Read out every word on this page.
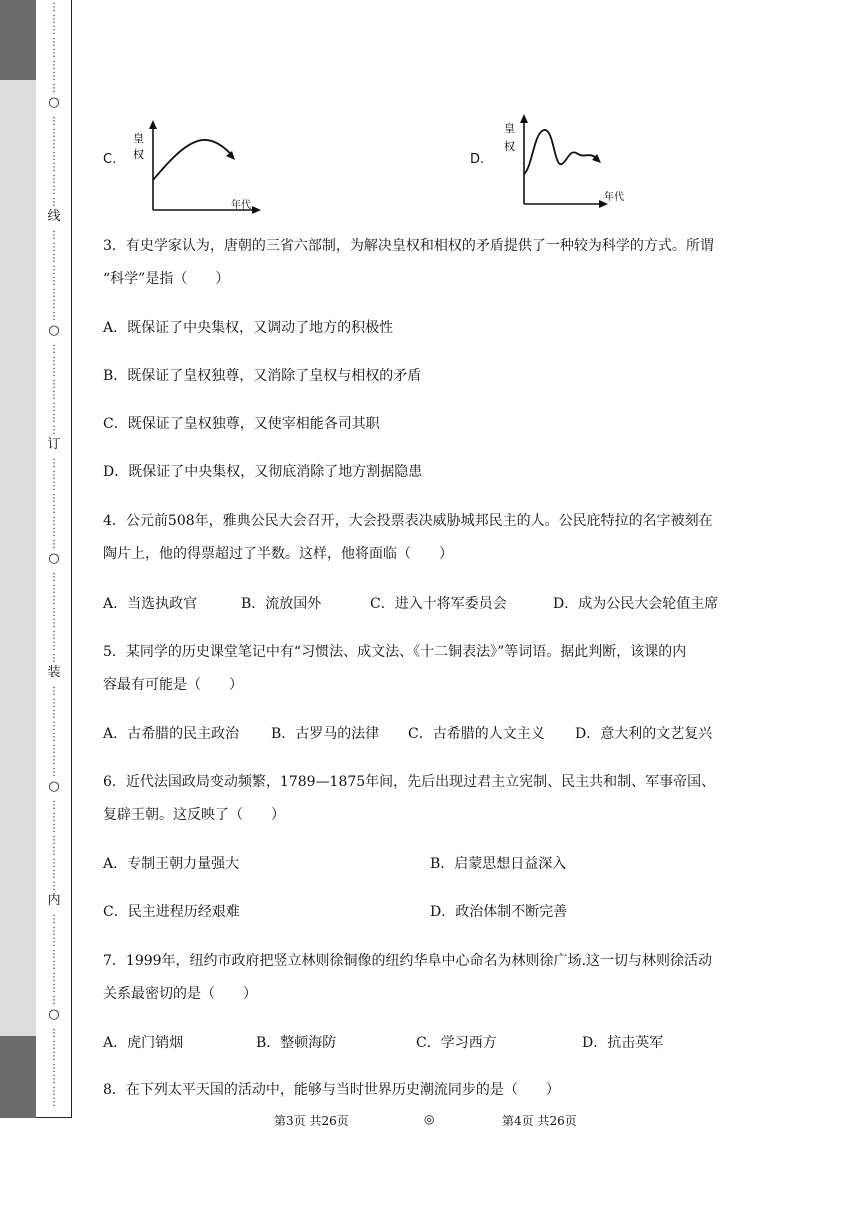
⋮
⋮
⋮
⋮
⋮
⋮
⋮
⋮
○
⋮
⋮
⋮
⋮
⋮
⋮
⋮
⋮
线
⋮
⋮
⋮
⋮
⋮
⋮
⋮
⋮
○
⋮
⋮
⋮
⋮
⋮
⋮
⋮
⋮
订
⋮
⋮
⋮
⋮
⋮
⋮
⋮
⋮
○
⋮
⋮
⋮
⋮
⋮
⋮
⋮
⋮
装
⋮
⋮
⋮
⋮
⋮
⋮
⋮
⋮
○
⋮
⋮
⋮
⋮
⋮
⋮
⋮
⋮
内
⋮
⋮
⋮
⋮
⋮
⋮
⋮
⋮
○
⋮
⋮
⋮
⋮
⋮
⋮
⋮
C.
皇
权
年代
D.
皇
权
年代
3．有史学家认为，唐朝的三省六部制，为解决皇权和相权的矛盾提供了一种较为科学的方式。所谓
“科学”是指（　　）
A．既保证了中央集权，又调动了地方的积极性
B．既保证了皇权独尊，又消除了皇权与相权的矛盾
C．既保证了皇权独尊，又使宰相能各司其职
D．既保证了中央集权，又彻底消除了地方割据隐患
4．公元前508年，雅典公民大会召开，大会投票表决威胁城邦民主的人。公民庇特拉的名字被刻在
陶片上，他的得票超过了半数。这样，他将面临（　　）
A．当选执政官	B．流放国外	C．进入十将军委员会	D．成为公民大会轮值主席
5．某同学的历史课堂笔记中有“习惯法、成文法、《十二铜表法》”等词语。据此判断，该课的内
容最有可能是（　　）
A．古希腊的民主政治 B．古罗马的法律 C．古希腊的人文主义 D．意大利的文艺复兴
6．近代法国政局变动频繁，1789—1875年间，先后出现过君主立宪制、民主共和制、军事帝国、
复辟王朝。这反映了（　　）
A．专制王朝力量强大	B．启蒙思想日益深入
C．民主进程历经艰难	D．政治体制不断完善
7．1999年，纽约市政府把竖立林则徐铜像的纽约华阜中心命名为林则徐广场.这一切与林则徐活动
关系最密切的是（　　）
A．虎门销烟	B．整顿海防	C．学习西方	D．抗击英军
8．在下列太平天国的活动中，能够与当时世界历史潮流同步的是（　　）
第3页 共26页	◎	第4页 共26页
